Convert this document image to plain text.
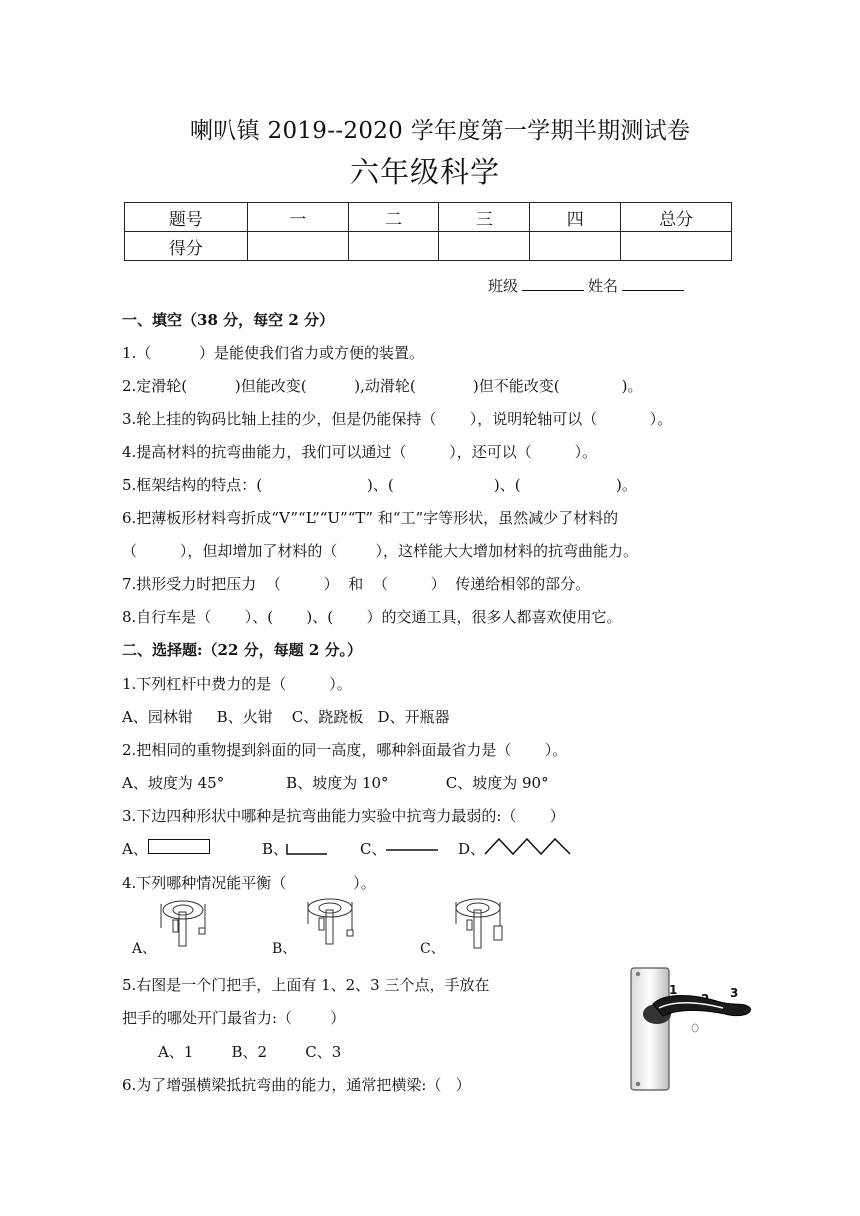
喇叭镇 2019--2020 学年度第一学期半期测试卷
六年级科学
题号	一	二	三	四	总分
得分					
班级	姓名
一、填空（38 分，每空 2 分）
1.（          ）是能使我们省力或方便的装置。
2.定滑轮(          )但能改变(          ),动滑轮(            )但不能改变(             )。
3.轮上挂的钩码比轴上挂的少，但是仍能保持（       ），说明轮轴可以（           ）。
4.提高材料的抗弯曲能力，我们可以通过（         ），还可以（         ）。
5.框架结构的特点：(                      )、(                     )、(                    )。
6.把薄板形材料弯折成“V”“L”“U”“T” 和“工”字等形状，虽然减少了材料的
（         ），但却增加了材料的（        ），这样能大大增加材料的抗弯曲能力。
7.拱形受力时把压力  （         ）  和  （         ）  传递给相邻的部分。
8.自行车是（       ）、(       )、(       ）的交通工具，很多人都喜欢使用它。
二、选择题:（22 分，每题 2 分。）
1.下列杠杆中费力的是（         ）。
A、园林钳     B、火钳    C、跷跷板   D、开瓶器
2.把相同的重物提到斜面的同一高度，哪种斜面最省力是（       ）。
A、坡度为 45°             B、坡度为 10°            C、坡度为 90°
3.下边四种形状中哪种是抗弯曲能力实验中抗弯力最弱的:（       ）
A、	B、	C、	D、
4.下列哪种情况能平衡（              ）。
A、	B、	C、
5.右图是一个门把手，上面有 1、2、3 三个点，手放在
把手的哪处开门最省力:（        ）
A、1        B、2        C、3
6.为了增强横梁抵抗弯曲的能力，通常把横梁:（   ）
1
2 3
